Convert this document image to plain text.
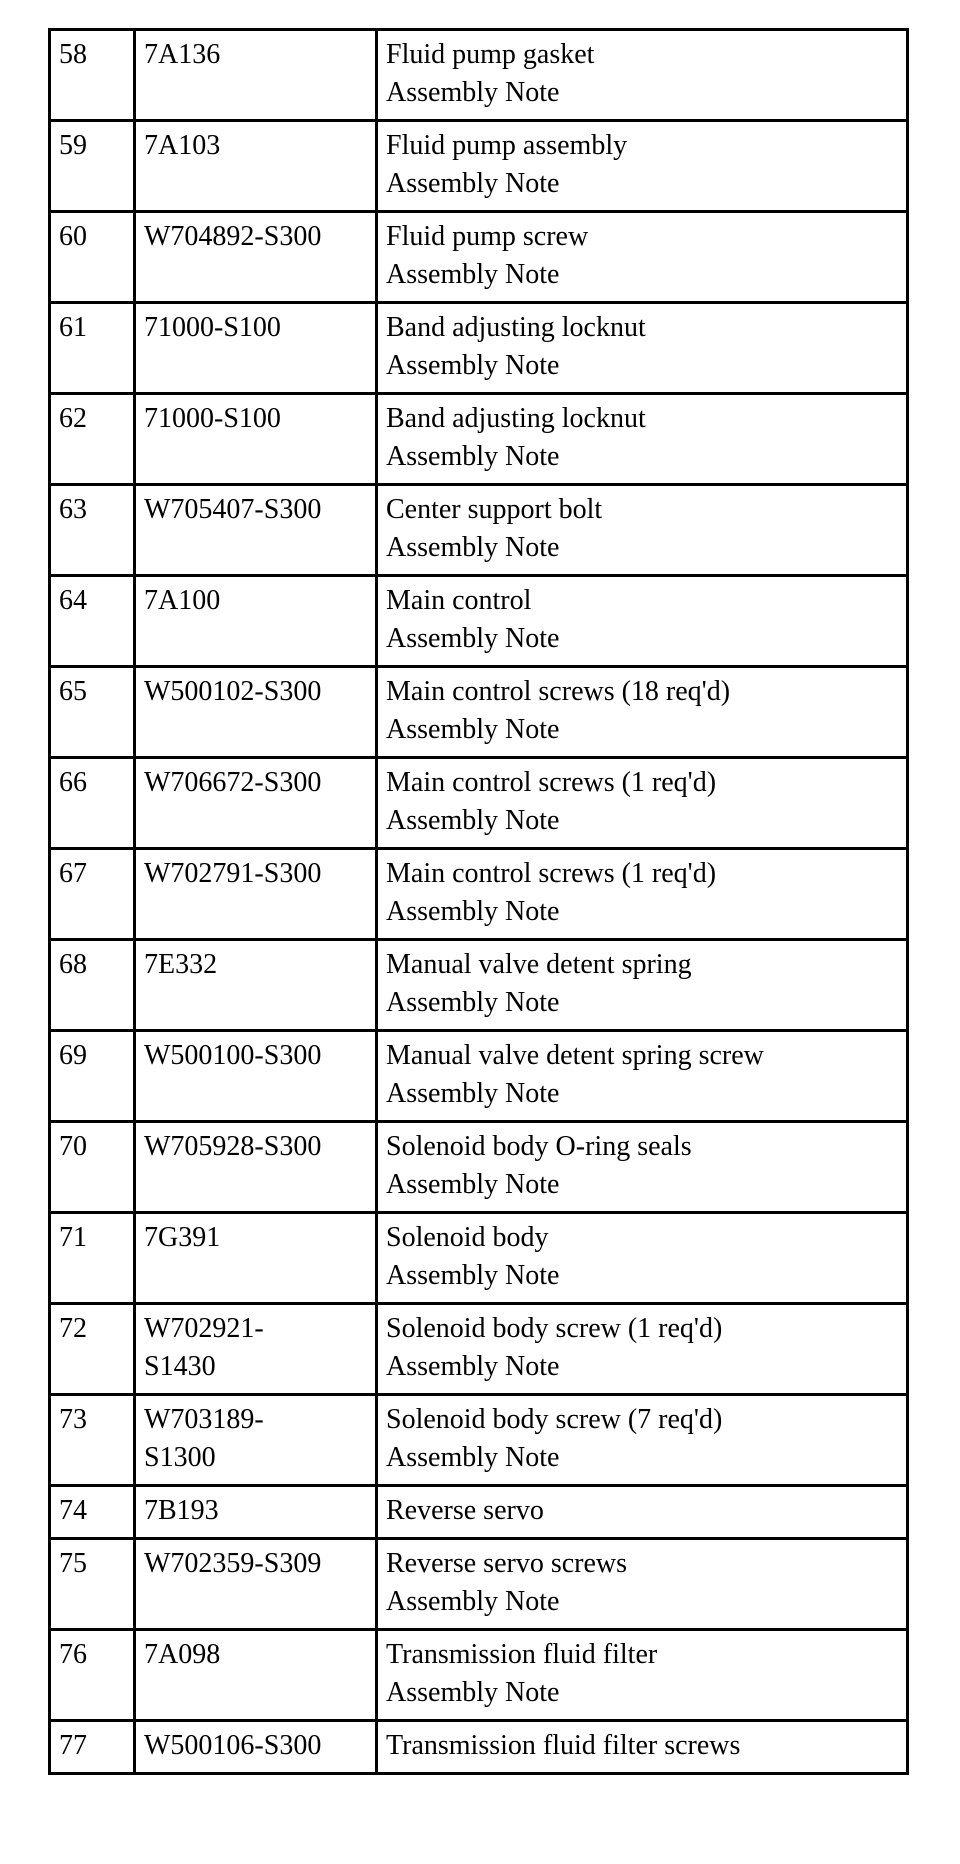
58	7A136	Fluid pump gasket
Assembly Note

59	7A103	Fluid pump assembly
Assembly Note

60	W704892-S300	Fluid pump screw
Assembly Note

61	71000-S100	Band adjusting locknut
Assembly Note

62	71000-S100	Band adjusting locknut
Assembly Note

63	W705407-S300	Center support bolt
Assembly Note

64	7A100	Main control
Assembly Note

65	W500102-S300	Main control screws (18 req'd)
Assembly Note

66	W706672-S300	Main control screws (1 req'd)
Assembly Note

67	W702791-S300	Main control screws (1 req'd)
Assembly Note

68	7E332	Manual valve detent spring
Assembly Note

69	W500100-S300	Manual valve detent spring screw
Assembly Note

70	W705928-S300	Solenoid body O-ring seals
Assembly Note

71	7G391	Solenoid body
Assembly Note

72	W702921-
S1430	Solenoid body screw (1 req'd)
Assembly Note

73	W703189-
S1300	Solenoid body screw (7 req'd)
Assembly Note

74	7B193	Reverse servo

75	W702359-S309	Reverse servo screws
Assembly Note

76	7A098	Transmission fluid filter
Assembly Note

77	W500106-S300	Transmission fluid filter screws
